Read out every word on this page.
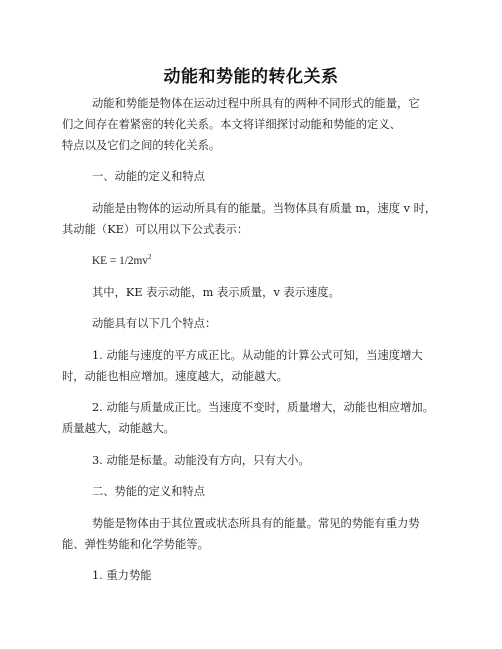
动能和势能的转化关系
动能和势能是物体在运动过程中所具有的两种不同形式的能量，它
们之间存在着紧密的转化关系。本文将详细探讨动能和势能的定义、
特点以及它们之间的转化关系。
一、动能的定义和特点
动能是由物体的运动所具有的能量。当物体具有质量 m，速度 v 时，
其动能（KE）可以用以下公式表示：
KE = $1/2mv^2$
其中，KE 表示动能，m 表示质量，v 表示速度。
动能具有以下几个特点：
1. 动能与速度的平方成正比。从动能的计算公式可知，当速度增大
时，动能也相应增加。速度越大，动能越大。
2. 动能与质量成正比。当速度不变时，质量增大，动能也相应增加。
质量越大，动能越大。
3. 动能是标量。动能没有方向，只有大小。
二、势能的定义和特点
势能是物体由于其位置或状态所具有的能量。常见的势能有重力势
能、弹性势能和化学势能等。
1. 重力势能
